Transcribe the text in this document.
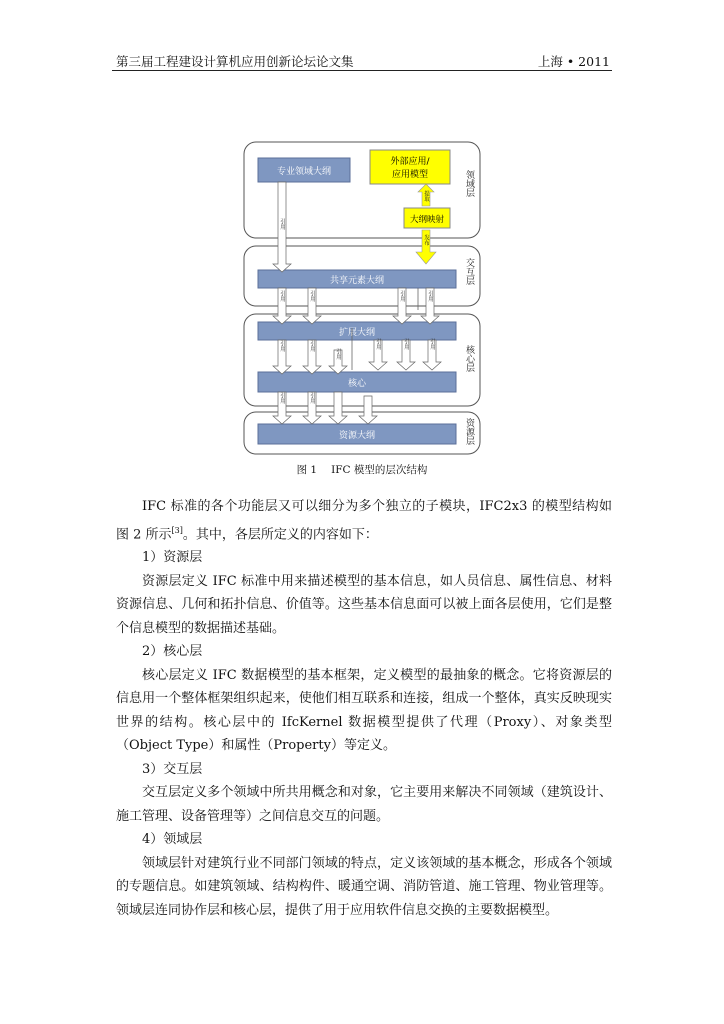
第三届工程建设计算机应用创新论坛论文集	上海 • 2011
领域层
交互层
核心层
资源层
专业领域大纲
外部应用/
应用模型
大纲映射
共享元素大纲
扩展大纲
核心
资源大纲
引用
提取
发布
引用	引用	引用	引用
引用	引用
引用
引用	引用	引用
引用	引用
图 1 IFC 模型的层次结构

IFC 标准的各个功能层又可以细分为多个独立的子模块，IFC2x3 的模型结构如图 2 所示[3]。其中，各层所定义的内容如下：

1）资源层

资源层定义 IFC 标准中用来描述模型的基本信息，如人员信息、属性信息、材料资源信息、几何和拓扑信息、价值等。这些基本信息面可以被上面各层使用，它们是整个信息模型的数据描述基础。

2）核心层

核心层定义 IFC 数据模型的基本框架，定义模型的最抽象的概念。它将资源层的信息用一个整体框架组织起来，使他们相互联系和连接，组成一个整体，真实反映现实世界的结构。核心层中的 IfcKernel 数据模型提供了代理（Proxy）、对象类型（Object Type）和属性（Property）等定义。

3）交互层

交互层定义多个领域中所共用概念和对象，它主要用来解决不同领域（建筑设计、施工管理、设备管理等）之间信息交互的问题。

4）领域层

领域层针对建筑行业不同部门领域的特点，定义该领域的基本概念，形成各个领域的专题信息。如建筑领域、结构构件、暖通空调、消防管道、施工管理、物业管理等。领域层连同协作层和核心层，提供了用于应用软件信息交换的主要数据模型。
